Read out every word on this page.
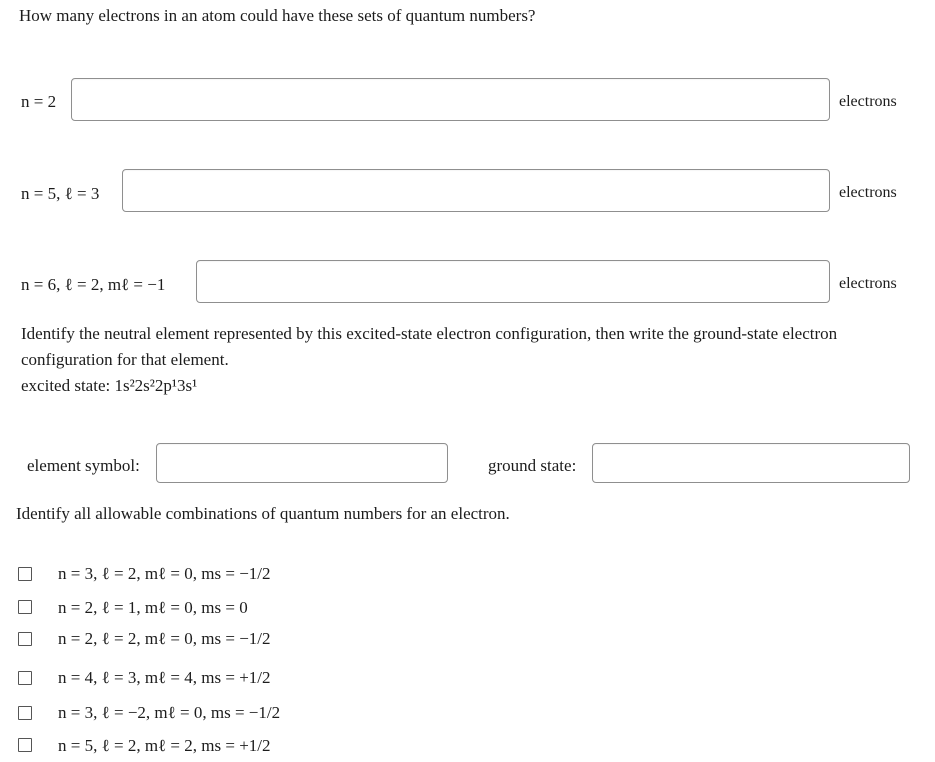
How many electrons in an atom could have these sets of quantum numbers?
n = 2	electrons
n = 5, ℓ = 3	electrons
n = 6, ℓ = 2, mℓ = −1	electrons
Identify the neutral element represented by this excited-state electron configuration, then write the ground-state electron
configuration for that element.
excited state: 1s²2s²2p¹3s¹
element symbol:	ground state:
Identify all allowable combinations of quantum numbers for an electron.
n = 3, ℓ = 2, mℓ = 0, ms = −1/2
n = 2, ℓ = 1, mℓ = 0, ms = 0
n = 2, ℓ = 2, mℓ = 0, ms = −1/2
n = 4, ℓ = 3, mℓ = 4, ms = +1/2
n = 3, ℓ = −2, mℓ = 0, ms = −1/2
n = 5, ℓ = 2, mℓ = 2, ms = +1/2
